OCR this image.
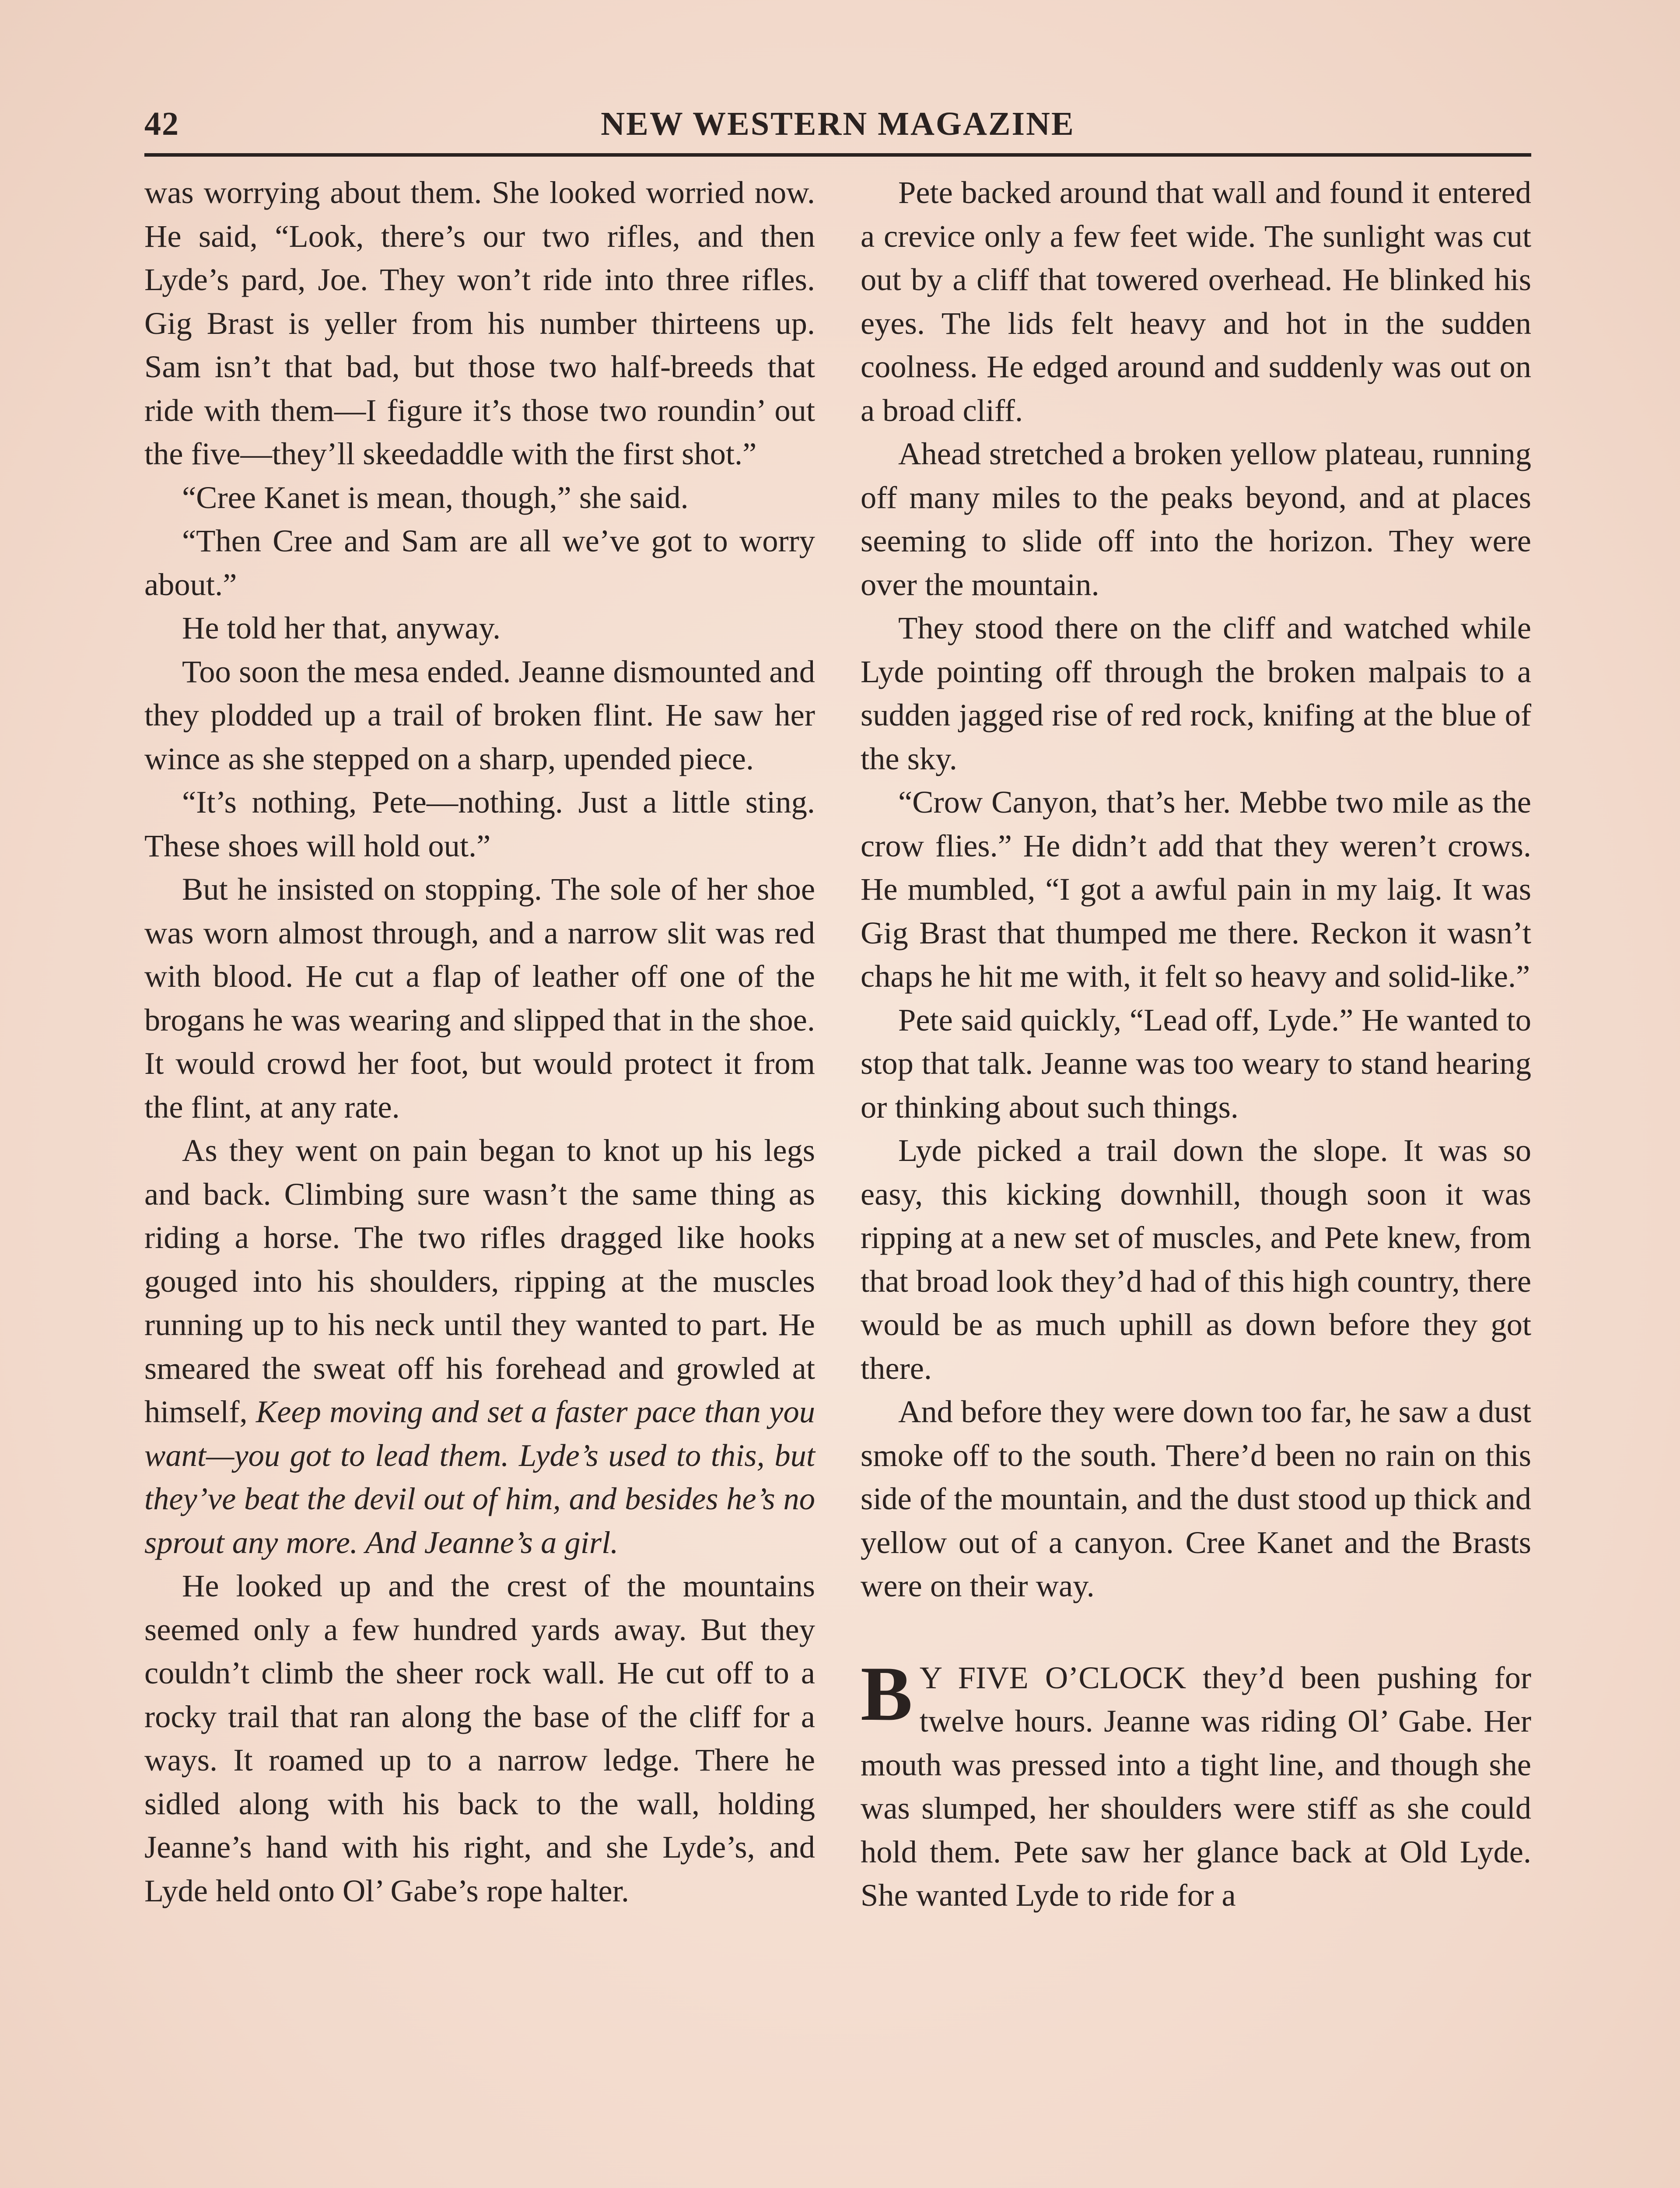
42	NEW WESTERN MAGAZINE

was worrying about them. She looked worried now. He said, “Look, there’s our two rifles, and then Lyde’s pard, Joe. They won’t ride into three rifles. Gig Brast is yeller from his number thirteens up. Sam isn’t that bad, but those two half-breeds that ride with them—I figure it’s those two roundin’ out the five—they’ll skeedaddle with the first shot.”

“Cree Kanet is mean, though,” she said.

“Then Cree and Sam are all we’ve got to worry about.”

He told her that, anyway.

Too soon the mesa ended. Jeanne dismounted and they plodded up a trail of broken flint. He saw her wince as she stepped on a sharp, upended piece.

“It’s nothing, Pete—nothing. Just a little sting. These shoes will hold out.”

But he insisted on stopping. The sole of her shoe was worn almost through, and a narrow slit was red with blood. He cut a flap of leather off one of the brogans he was wearing and slipped that in the shoe. It would crowd her foot, but would protect it from the flint, at any rate.

As they went on pain began to knot up his legs and back. Climbing sure wasn’t the same thing as riding a horse. The two rifles dragged like hooks gouged into his shoulders, ripping at the muscles running up to his neck until they wanted to part. He smeared the sweat off his forehead and growled at himself, Keep moving and set a faster pace than you want—you got to lead them. Lyde’s used to this, but they’ve beat the devil out of him, and besides he’s no sprout any more. And Jeanne’s a girl.

He looked up and the crest of the mountains seemed only a few hundred yards away. But they couldn’t climb the sheer rock wall. He cut off to a rocky trail that ran along the base of the cliff for a ways. It roamed up to a narrow ledge. There he sidled along with his back to the wall, holding Jeanne’s hand with his right, and she Lyde’s, and Lyde held onto Ol’ Gabe’s rope halter.

Pete backed around that wall and found it entered a crevice only a few feet wide. The sunlight was cut out by a cliff that towered overhead. He blinked his eyes. The lids felt heavy and hot in the sudden coolness. He edged around and suddenly was out on a broad cliff.

Ahead stretched a broken yellow plateau, running off many miles to the peaks beyond, and at places seeming to slide off into the horizon. They were over the mountain.

They stood there on the cliff and watched while Lyde pointing off through the broken malpais to a sudden jagged rise of red rock, knifing at the blue of the sky.

“Crow Canyon, that’s her. Mebbe two mile as the crow flies.” He didn’t add that they weren’t crows. He mumbled, “I got a awful pain in my laig. It was Gig Brast that thumped me there. Reckon it wasn’t chaps he hit me with, it felt so heavy and solid-like.”

Pete said quickly, “Lead off, Lyde.” He wanted to stop that talk. Jeanne was too weary to stand hearing or thinking about such things.

Lyde picked a trail down the slope. It was so easy, this kicking downhill, though soon it was ripping at a new set of muscles, and Pete knew, from that broad look they’d had of this high country, there would be as much uphill as down before they got there.

And before they were down too far, he saw a dust smoke off to the south. There’d been no rain on this side of the mountain, and the dust stood up thick and yellow out of a canyon. Cree Kanet and the Brasts were on their way.

B Y FIVE O’CLOCK they’d been pushing for twelve hours. Jeanne was riding Ol’ Gabe. Her mouth was pressed into a tight line, and though she was slumped, her shoulders were stiff as she could hold them. Pete saw her glance back at Old Lyde. She wanted Lyde to ride for a
